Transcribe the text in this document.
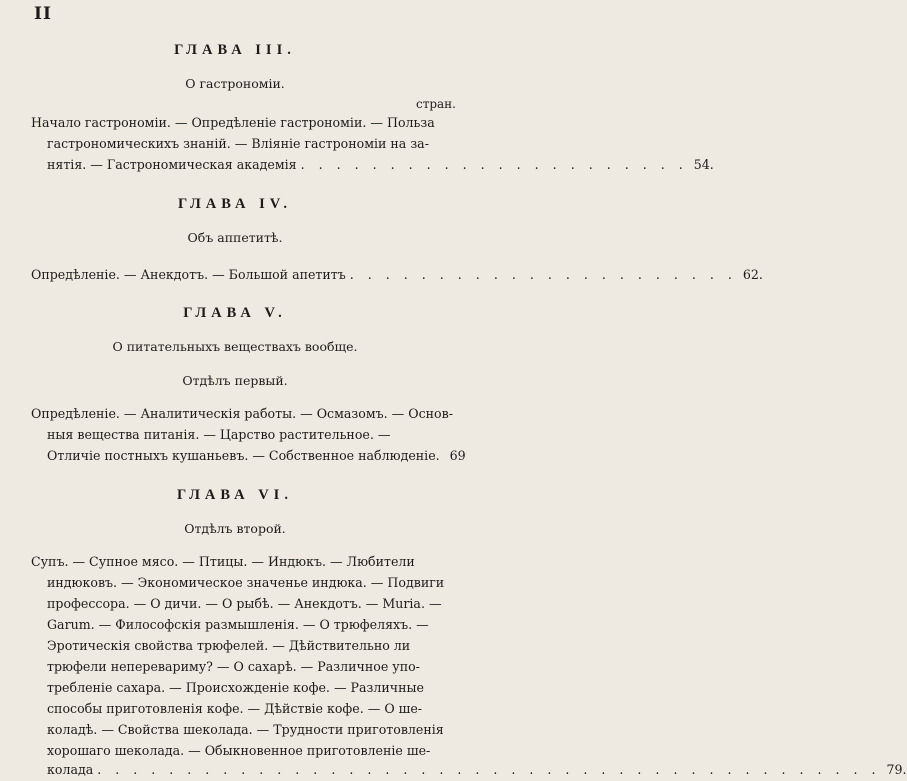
II
ГЛАВА III.
О гастрономіи.
стран.
Начало гастрономіи. — Опредѣленіе гастрономіи. — Польза
гастрономическихъ знаній. — Вліяніе гастрономіи на за-
нятія. — Гастрономическая академія . . . . . . . . . . . . . . . . . . . . . . 54.
ГЛАВА IV.
Объ аппетитѣ.
Опредѣленіе. — Анекдотъ. — Большой апетитъ . . . . . . . . . . . . . . . . . . . . . . 62.
ГЛАВА V.
О питательныхъ веществахъ вообще.
Отдѣлъ первый.
Опредѣленіе. — Аналитическія работы. — Осмазомъ. — Основ-
ныя вещества питанія. — Царство растительное. —
Отличіе постныхъ кушаньевъ. — Собственное наблюденіе. 69
ГЛАВА VI.
Отдѣлъ второй.
Супъ. — Супное мясо. — Птицы. — Индюкъ. — Любители
индюковъ. — Экономическое значенье индюка. — Подвиги
профессора. — О дичи. — О рыбѣ. — Анекдотъ. — Muria. —
Garum. — Философскія размышленія. — О трюфеляхъ. —
Эротическія свойства трюфелей. — Дѣйствительно ли
трюфели неперевариму? — О сахарѣ. — Различное упо-
требленіе сахара. — Происхожденіе кофе. — Различные
способы приготовленія кофе. — Дѣйствіе кофе. — О ше-
коладѣ. — Свойства шеколада. — Трудности приготовленія
хорошаго шеколада. — Обыкновенное приготовленіе ше-
колада . . . . . . . . . . . . . . . . . . . . . . . . . . . . . . . . . . . . . . . . . . . . 79.
